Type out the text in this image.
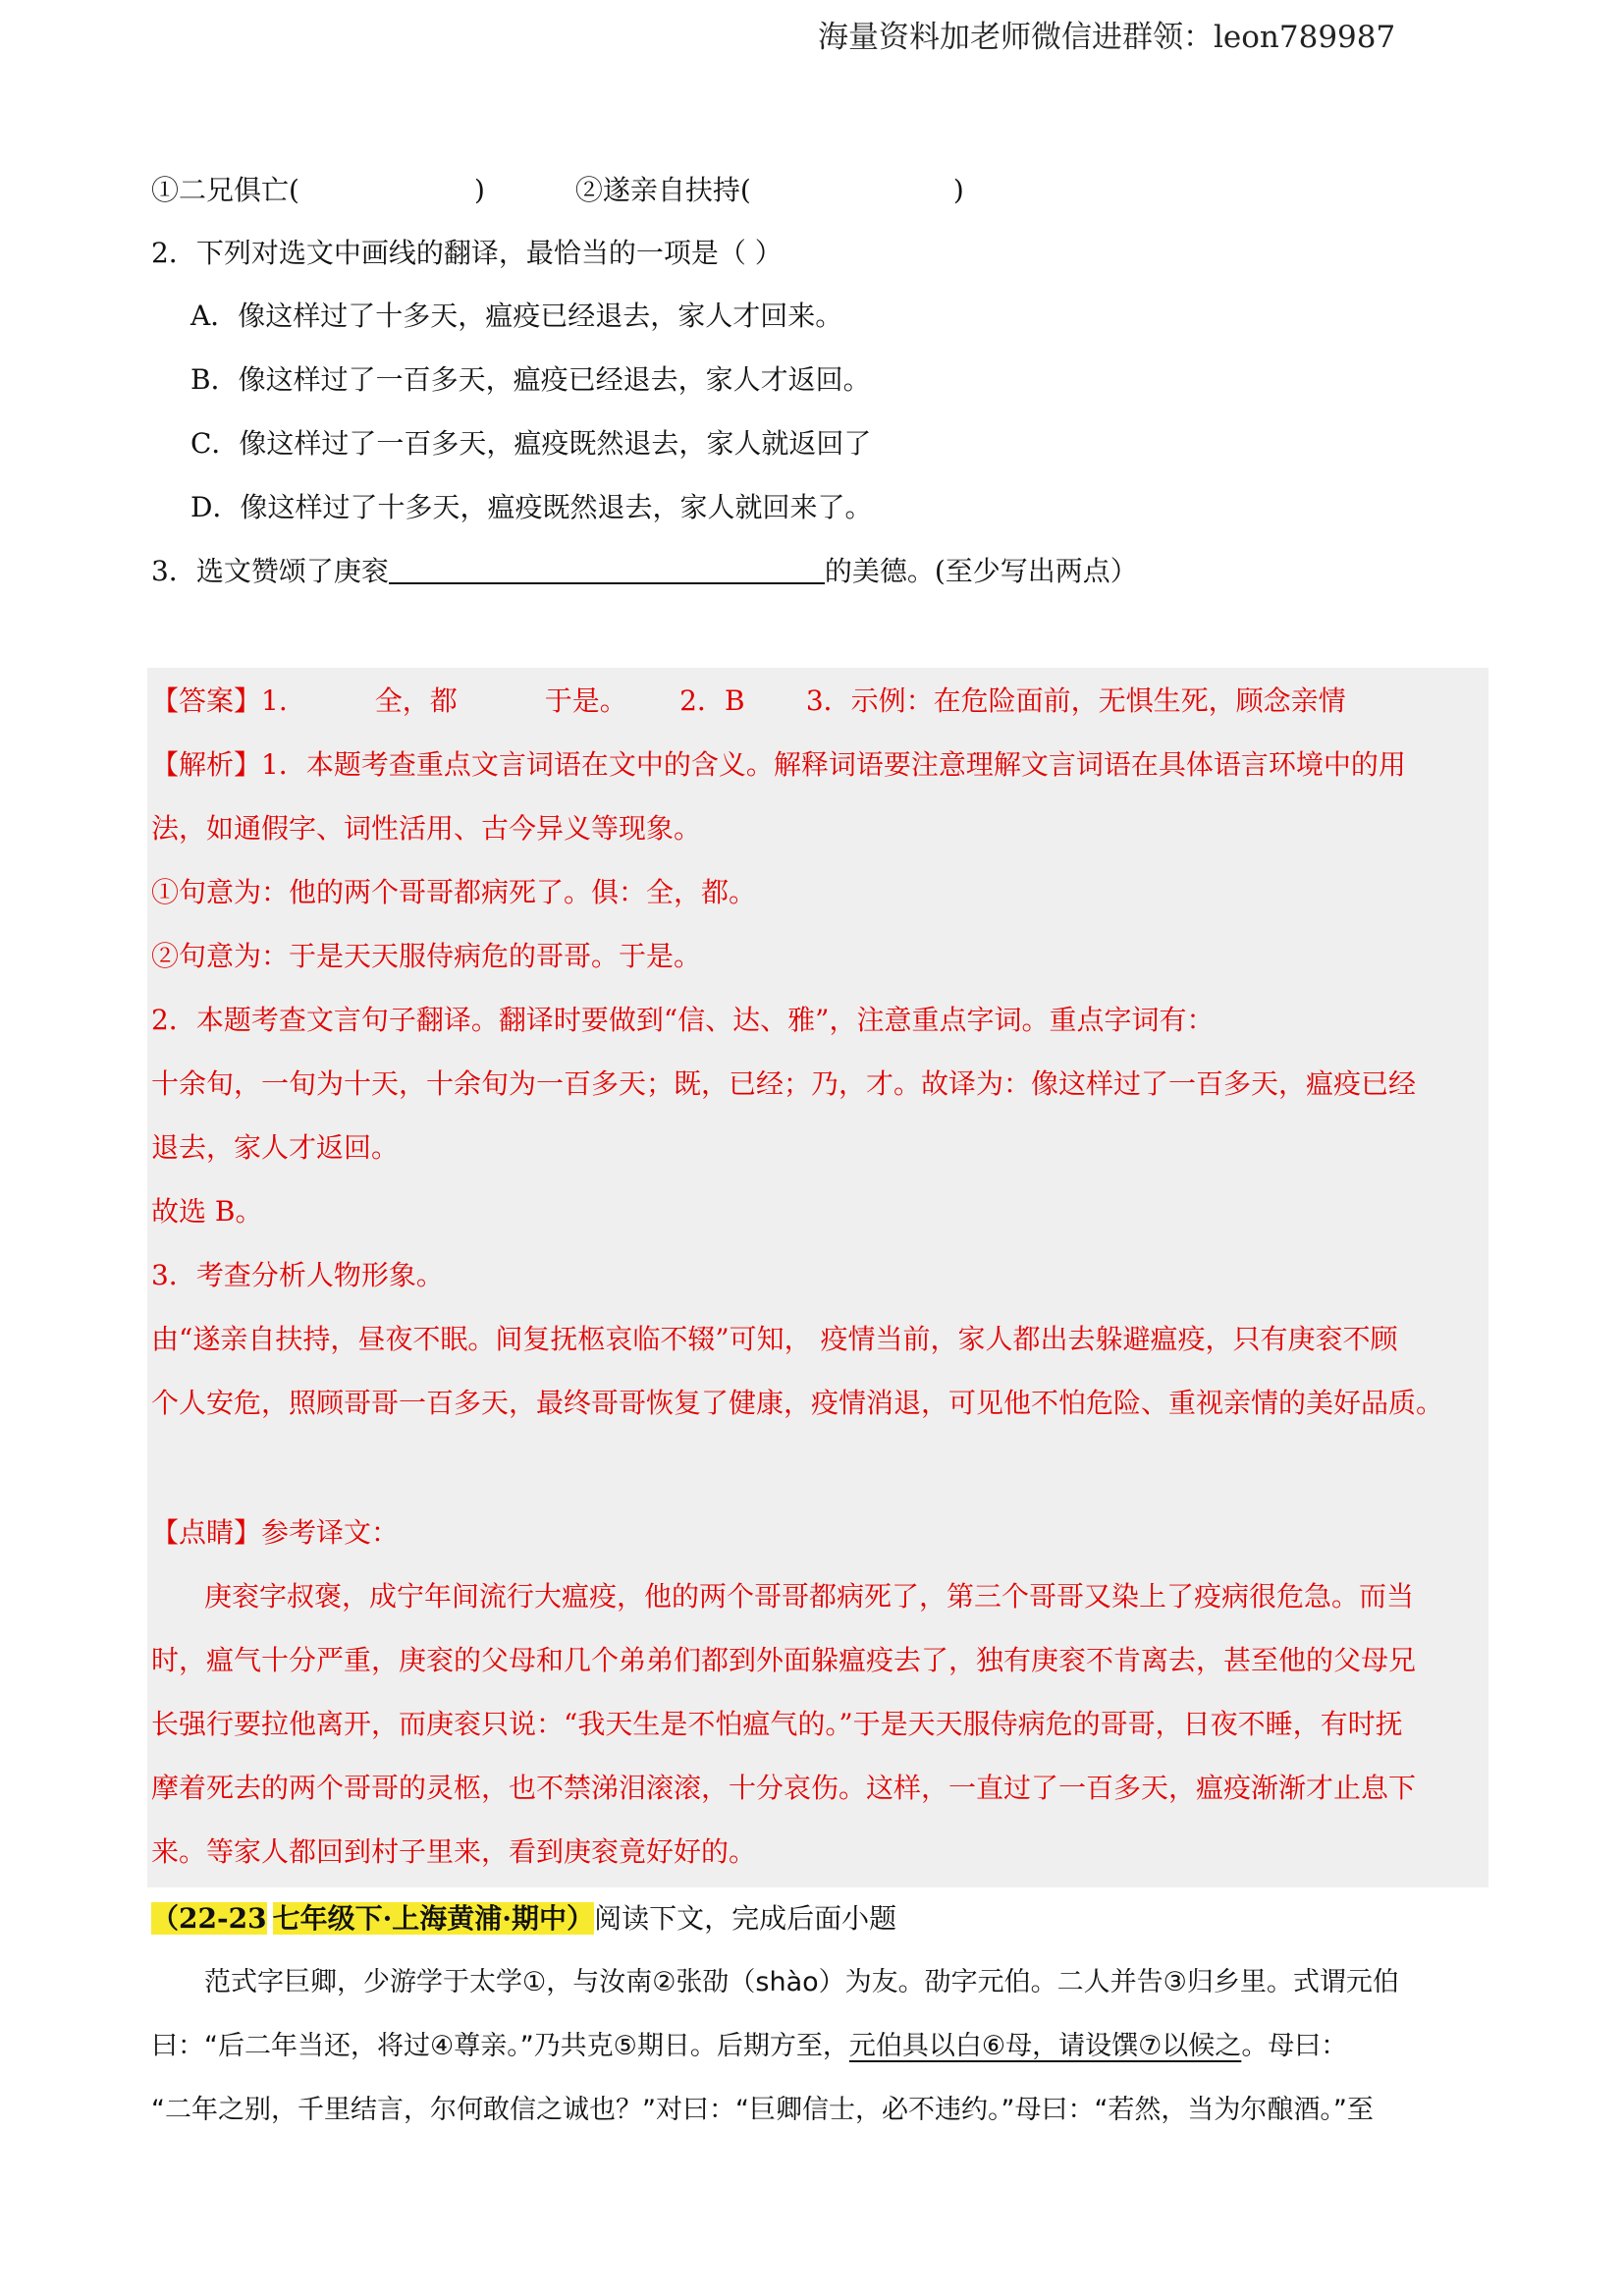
海量资料加老师微信进群领：leon789987
①二兄俱亡(	)	②遂亲自扶持(	)
2．下列对选文中画线的翻译，最恰当的一项是（ ）
A．像这样过了十多天，瘟疫已经退去，家人才回来。
B．像这样过了一百多天，瘟疫已经退去，家人才返回。
C．像这样过了一百多天，瘟疫既然退去，家人就返回了
D．像这样过了十多天，瘟疫既然退去，家人就回来了。
3．选文赞颂了庚衮	的美德。(至少写出两点）
【答案】1.          全，都          于是。      2．B       3．示例：在危险面前，无惧生死，顾念亲情
【解析】1．本题考查重点文言词语在文中的含义。解释词语要注意理解文言词语在具体语言环境中的用
法，如通假字、词性活用、古今异义等现象。
①句意为：他的两个哥哥都病死了。俱：全，都。
②句意为：于是天天服侍病危的哥哥。于是。
2．本题考查文言句子翻译。翻译时要做到“信、达、雅”，注意重点字词。重点字词有：
十余旬，一旬为十天，十余旬为一百多天；既，已经；乃，才。故译为：像这样过了一百多天，瘟疫已经
退去，家人才返回。
故选 B。
3．考查分析人物形象。
由“遂亲自扶持，昼夜不眠。间复抚柩哀临不辍”可知， 疫情当前，家人都出去躲避瘟疫，只有庚衮不顾
个人安危，照顾哥哥一百多天，最终哥哥恢复了健康，疫情消退，可见他不怕危险、重视亲情的美好品质。
【点睛】参考译文：
庚衮字叔褒，成宁年间流行大瘟疫，他的两个哥哥都病死了，第三个哥哥又染上了疫病很危急。而当
时，瘟气十分严重，庚衮的父母和几个弟弟们都到外面躲瘟疫去了，独有庚衮不肯离去，甚至他的父母兄
长强行要拉他离开，而庚衮只说：“我天生是不怕瘟气的。”于是天天服侍病危的哥哥，日夜不睡，有时抚
摩着死去的两个哥哥的灵柩，也不禁涕泪滚滚，十分哀伤。这样，一直过了一百多天，瘟疫渐渐才止息下
来。等家人都回到村子里来，看到庚衮竟好好的。
（22-23 七年级下·上海黄浦·期中）阅读下文，完成后面小题
范式字巨卿，少游学于太学①，与汝南②张劭（shào）为友。劭字元伯。二人并告③归乡里。式谓元伯
曰：“后二年当还，将过④尊亲。”乃共克⑤期日。后期方至，元伯具以白⑥母，请设馔⑦以候之。母曰：
“二年之别，千里结言，尔何敢信之诚也？”对曰：“巨卿信士，必不违约。”母曰：“若然，当为尔酿酒。”至
